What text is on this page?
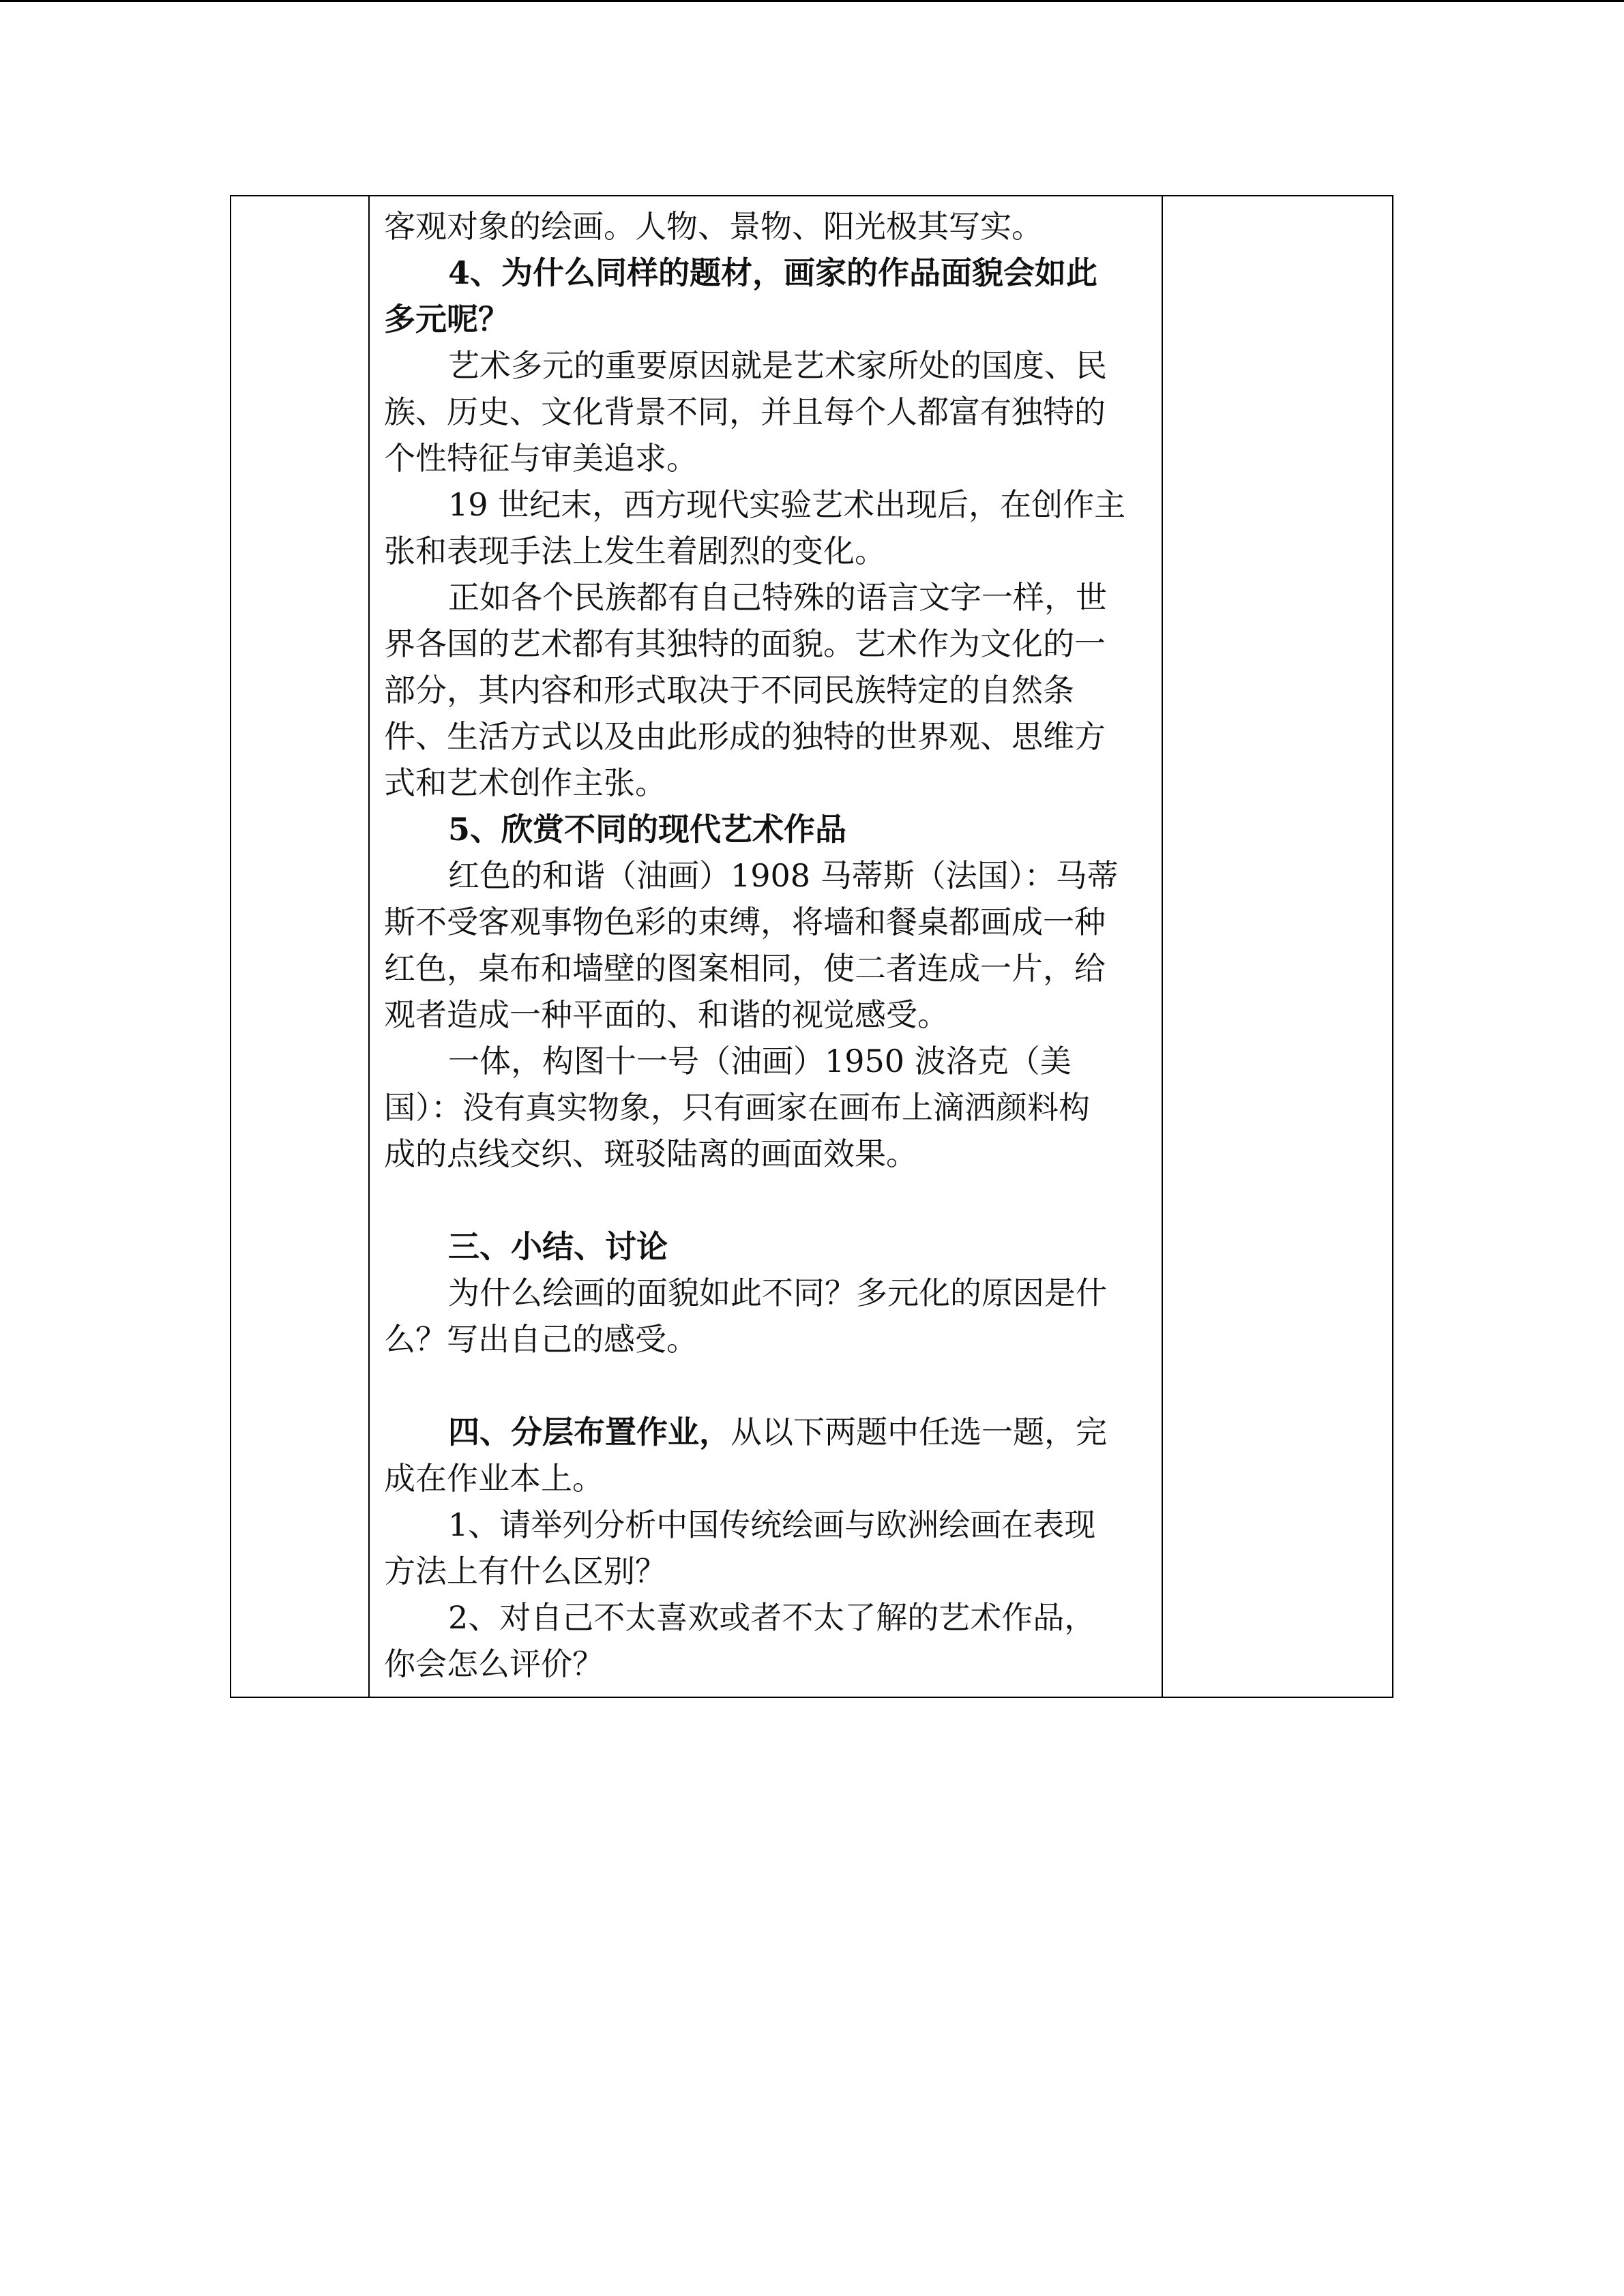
客观对象的绘画。人物、景物、阳光极其写实。

4、为什么同样的题材，画家的作品面貌会如此

多元呢？

艺术多元的重要原因就是艺术家所处的国度、民

族、历史、文化背景不同，并且每个人都富有独特的

个性特征与审美追求。

19 世纪末，西方现代实验艺术出现后，在创作主

张和表现手法上发生着剧烈的变化。

正如各个民族都有自己特殊的语言文字一样，世

界各国的艺术都有其独特的面貌。艺术作为文化的一

部分，其内容和形式取决于不同民族特定的自然条

件、生活方式以及由此形成的独特的世界观、思维方

式和艺术创作主张。

5、欣赏不同的现代艺术作品

红色的和谐（油画）1908 马蒂斯（法国）：马蒂

斯不受客观事物色彩的束缚，将墙和餐桌都画成一种

红色，桌布和墙壁的图案相同，使二者连成一片，给

观者造成一种平面的、和谐的视觉感受。

一体，构图十一号（油画）1950 波洛克（美

国）：没有真实物象，只有画家在画布上滴洒颜料构

成的点线交织、斑驳陆离的画面效果。

三、小结、讨论

为什么绘画的面貌如此不同？多元化的原因是什

么？写出自己的感受。

四、分层布置作业，从以下两题中任选一题，完

成在作业本上。

1、请举列分析中国传统绘画与欧洲绘画在表现

方法上有什么区别？

2、对自己不太喜欢或者不太了解的艺术作品，

你会怎么评价？
